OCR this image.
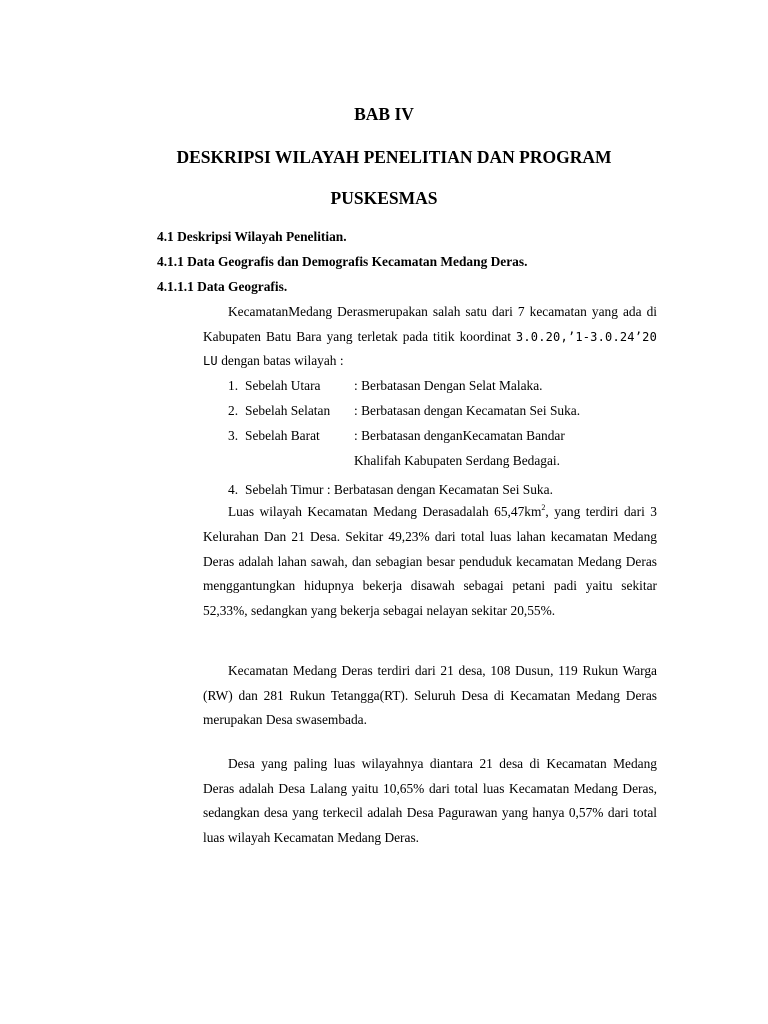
BAB IV
DESKRIPSI WILAYAH PENELITIAN DAN PROGRAM
PUSKESMAS
4.1 Deskripsi Wilayah Penelitian.
4.1.1 Data Geografis dan Demografis Kecamatan Medang Deras.
4.1.1.1 Data Geografis.

KecamatanMedang Derasmerupakan salah satu dari 7 kecamatan yang ada di Kabupaten Batu Bara yang terletak pada titik koordinat 3.0.20,’1-3.0.24’20 LU dengan batas wilayah :

1. Sebelah Utara	: Berbatasan Dengan Selat Malaka.
2. Sebelah Selatan : Berbatasan dengan Kecamatan Sei Suka.
3. Sebelah Barat	: Berbatasan denganKecamatan Bandar
Khalifah Kabupaten Serdang Bedagai.
4. Sebelah Timur : Berbatasan dengan Kecamatan Sei Suka.

Luas wilayah Kecamatan Medang Derasadalah $65,47km^2$, yang terdiri dari 3 Kelurahan Dan 21 Desa. Sekitar 49,23% dari total luas lahan kecamatan Medang Deras adalah lahan sawah, dan sebagian besar penduduk kecamatan Medang Deras menggantungkan hidupnya bekerja disawah sebagai petani padi yaitu sekitar 52,33%, sedangkan yang bekerja sebagai nelayan sekitar 20,55%.

Kecamatan Medang Deras terdiri dari 21 desa, 108 Dusun, 119 Rukun Warga (RW) dan 281 Rukun Tetangga(RT). Seluruh Desa di Kecamatan Medang Deras merupakan Desa swasembada.

Desa yang paling luas wilayahnya diantara 21 desa di Kecamatan Medang Deras adalah Desa Lalang yaitu 10,65% dari total luas Kecamatan Medang Deras, sedangkan desa yang terkecil adalah Desa Pagurawan yang hanya 0,57% dari total luas wilayah Kecamatan Medang Deras.
